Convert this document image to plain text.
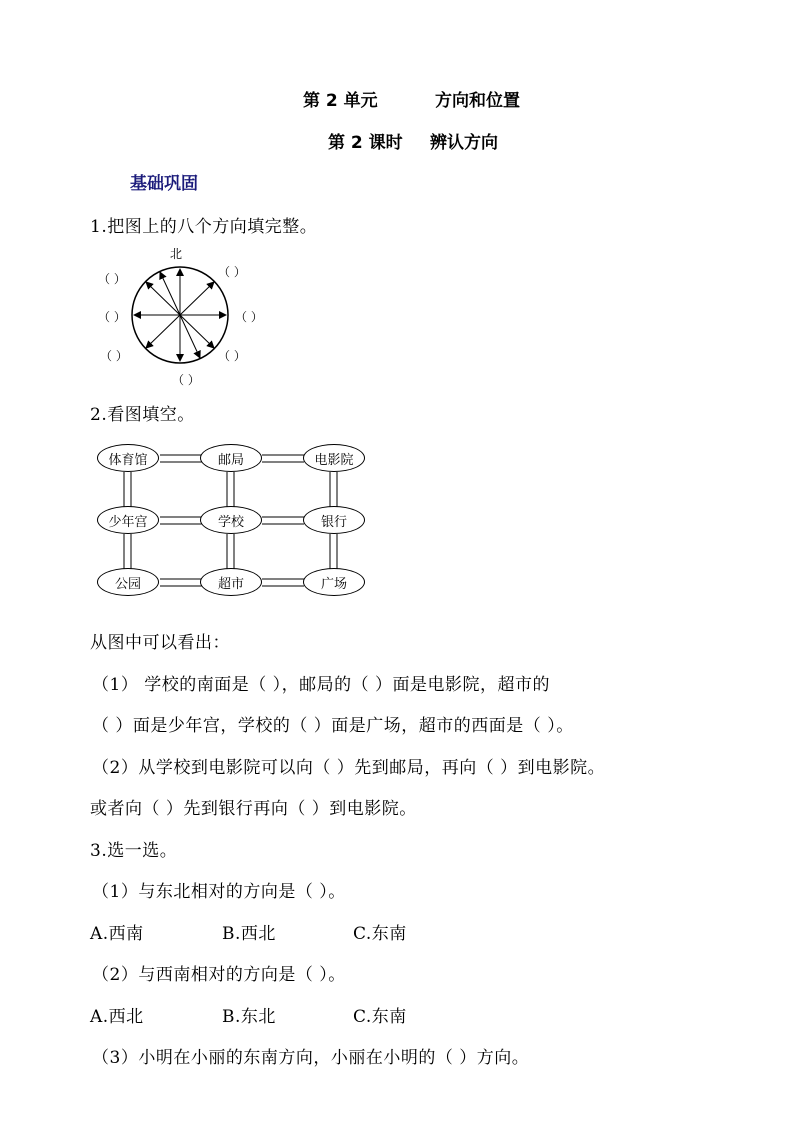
第 2 单元	方向和位置
第 2 课时 辨认方向
基础巩固
1.把图上的八个方向填完整。
北
（ ）	（ ）
（ ）	（ ）
（ ）	（ ）
（ ）
2.看图填空。
体育馆	邮局	电影院
少年宫	学校	银行
公园	超市	广场
从图中可以看出：
（1） 学校的南面是（ ），邮局的（ ）面是电影院，超市的
（ ）面是少年宫，学校的（ ）面是广场，超市的西面是（ ）。
（2）从学校到电影院可以向（ ）先到邮局，再向（ ）到电影院。
或者向（ ）先到银行再向（ ）到电影院。
3.选一选。
（1）与东北相对的方向是（ ）。
A.西南	B.西北	C.东南
（2）与西南相对的方向是（ ）。
A.西北	B.东北	C.东南
（3）小明在小丽的东南方向，小丽在小明的（ ）方向。
